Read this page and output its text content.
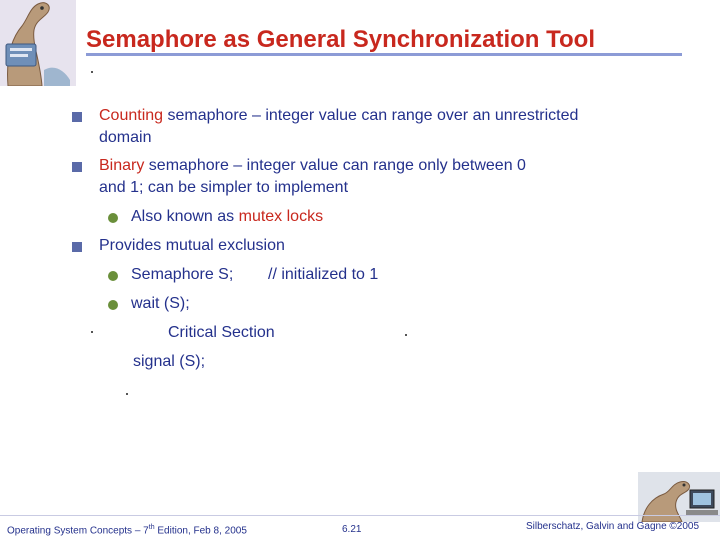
Semaphore as General Synchronization Tool
Counting semaphore – integer value can range over an unrestricted
domain
Binary semaphore – integer value can range only between 0
and 1; can be simpler to implement
Also known as mutex locks
Provides mutual exclusion
Semaphore S; // initialized to 1
wait (S);
Critical Section
signal (S);
Operating System Concepts – 7th Edition, Feb 8, 2005	6.21	Silberschatz, Galvin and Gagne ©2005
